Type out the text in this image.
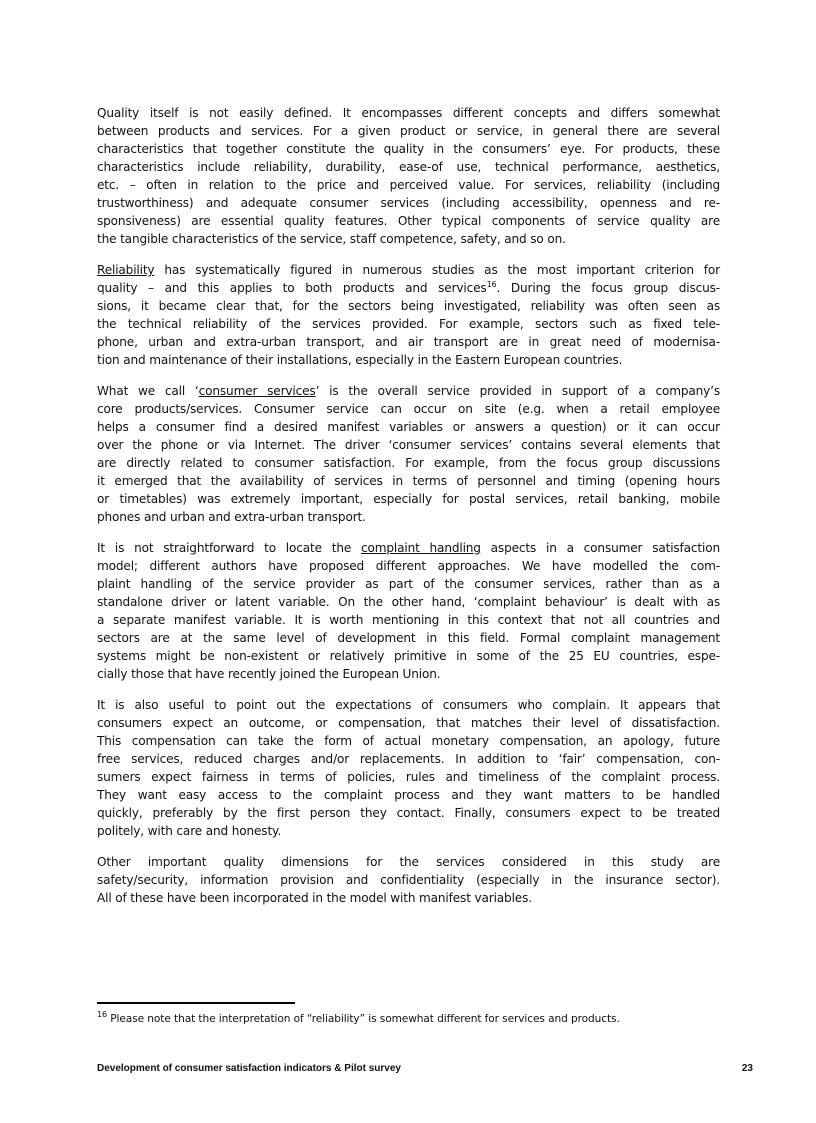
Quality itself is not easily defined. It encompasses different concepts and differs somewhat
between products and services. For a given product or service, in general there are several
characteristics that together constitute the quality in the consumers’ eye. For products, these
characteristics include reliability, durability, ease-of use, technical performance, aesthetics,
etc. – often in relation to the price and perceived value. For services, reliability (including
trustworthiness) and adequate consumer services (including accessibility, openness and re-
sponsiveness) are essential quality features. Other typical components of service quality are
the tangible characteristics of the service, staff competence, safety, and so on.
Reliability has systematically figured in numerous studies as the most important criterion for
quality – and this applies to both products and services$^{16}$. During the focus group discus-
sions, it became clear that, for the sectors being investigated, reliability was often seen as
the technical reliability of the services provided. For example, sectors such as fixed tele-
phone, urban and extra-urban transport, and air transport are in great need of modernisa-
tion and maintenance of their installations, especially in the Eastern European countries.
What we call ‘consumer services’ is the overall service provided in support of a company’s
core products/services. Consumer service can occur on site (e.g. when a retail employee
helps a consumer find a desired manifest variables or answers a question) or it can occur
over the phone or via Internet. The driver ‘consumer services’ contains several elements that
are directly related to consumer satisfaction. For example, from the focus group discussions
it emerged that the availability of services in terms of personnel and timing (opening hours
or timetables) was extremely important, especially for postal services, retail banking, mobile
phones and urban and extra-urban transport.
It is not straightforward to locate the complaint handling aspects in a consumer satisfaction
model; different authors have proposed different approaches. We have modelled the com-
plaint handling of the service provider as part of the consumer services, rather than as a
standalone driver or latent variable. On the other hand, ‘complaint behaviour’ is dealt with as
a separate manifest variable. It is worth mentioning in this context that not all countries and
sectors are at the same level of development in this field. Formal complaint management
systems might be non-existent or relatively primitive in some of the 25 EU countries, espe-
cially those that have recently joined the European Union.
It is also useful to point out the expectations of consumers who complain. It appears that
consumers expect an outcome, or compensation, that matches their level of dissatisfaction.
This compensation can take the form of actual monetary compensation, an apology, future
free services, reduced charges and/or replacements. In addition to ‘fair’ compensation, con-
sumers expect fairness in terms of policies, rules and timeliness of the complaint process.
They want easy access to the complaint process and they want matters to be handled
quickly, preferably by the first person they contact. Finally, consumers expect to be treated
politely, with care and honesty.
Other important quality dimensions for the services considered in this study are
safety/security, information provision and confidentiality (especially in the insurance sector).
All of these have been incorporated in the model with manifest variables.
$^{16}$ Please note that the interpretation of “reliability” is somewhat different for services and products.
Development of consumer satisfaction indicators & Pilot survey	23
